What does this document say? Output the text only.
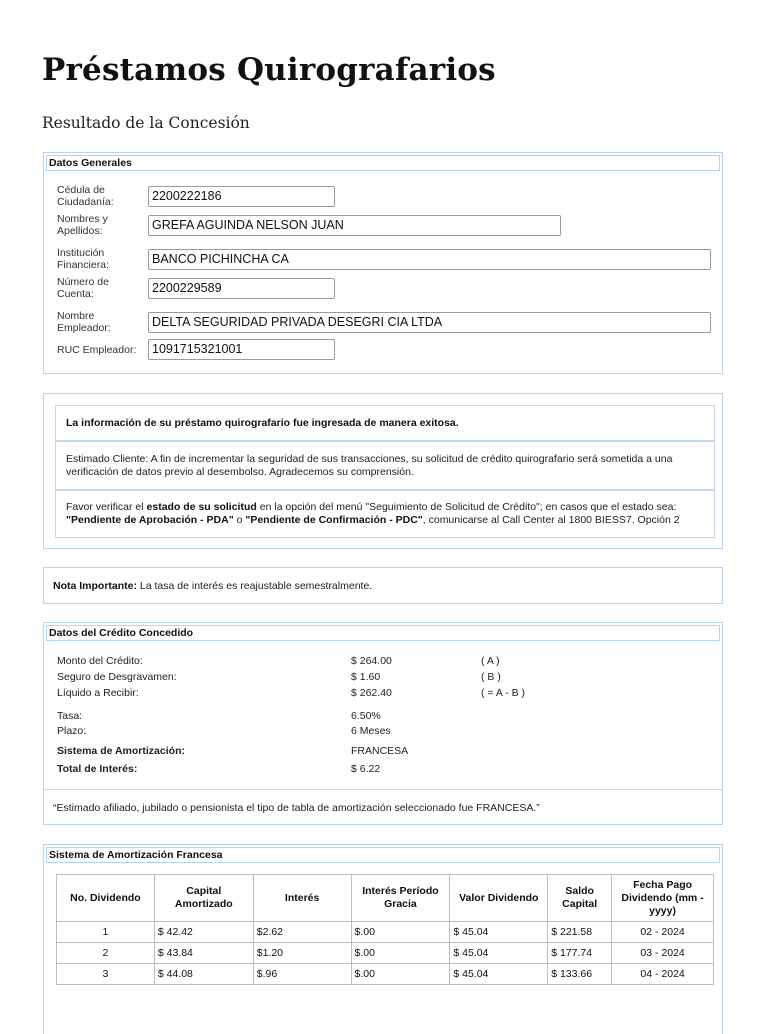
Préstamos Quirografarios
Resultado de la Concesión
Datos Generales
Cédula de
Ciudadanía:	2200222186
Nombres y
Apellidos:	GREFA AGUINDA NELSON JUAN
Institución
Financiera:	BANCO PICHINCHA CA
Número de
Cuenta:	2200229589
Nombre
Empleador:	DELTA SEGURIDAD PRIVADA DESEGRI CIA LTDA
RUC Empleador:	1091715321001
La información de su préstamo quirografario fue ingresada de manera exitosa.
Estimado Cliente: A fin de incrementar la seguridad de sus transacciones, su solicitud de crédito quirografario será sometida a una
verificación de datos previo al desembolso. Agradecemos su comprensión.
Favor verificar el estado de su solicitud en la opción del menú "Seguimiento de Solicitud de Crédito"; en casos que el estado sea:
"Pendiente de Aprobación - PDA" o "Pendiente de Confirmación - PDC", comunicarse al Call Center al 1800 BIESS7. Opción 2
Nota Importante: La tasa de interés es reajustable semestralmente.
Datos del Crédito Concedido
Monto del Crédito:	$ 264.00	( A )
Seguro de Desgravamen:	$ 1.60	( B )
Líquido a Recibir:	$ 262.40	( = A - B )
Tasa:	6.50%
Plazo:	6 Meses
Sistema de Amortización:	FRANCESA
Total de Interés:	$ 6.22
“Estimado afiliado, jubilado o pensionista el tipo de tabla de amortización seleccionado fue FRANCESA.”
Sistema de Amortización Francesa
No. Dividendo	Capital Amortizado	Interés	Interés Período Gracia	Valor Dividendo	Saldo Capital	Fecha Pago Dividendo (mm - yyyy)
1	$ 42.42	$2.62	$.00	$ 45.04	$ 221.58	02 - 2024
2	$ 43.84	$1.20	$.00	$ 45.04	$ 177.74	03 - 2024
3	$ 44.08	$.96	$.00	$ 45.04	$ 133.66	04 - 2024
